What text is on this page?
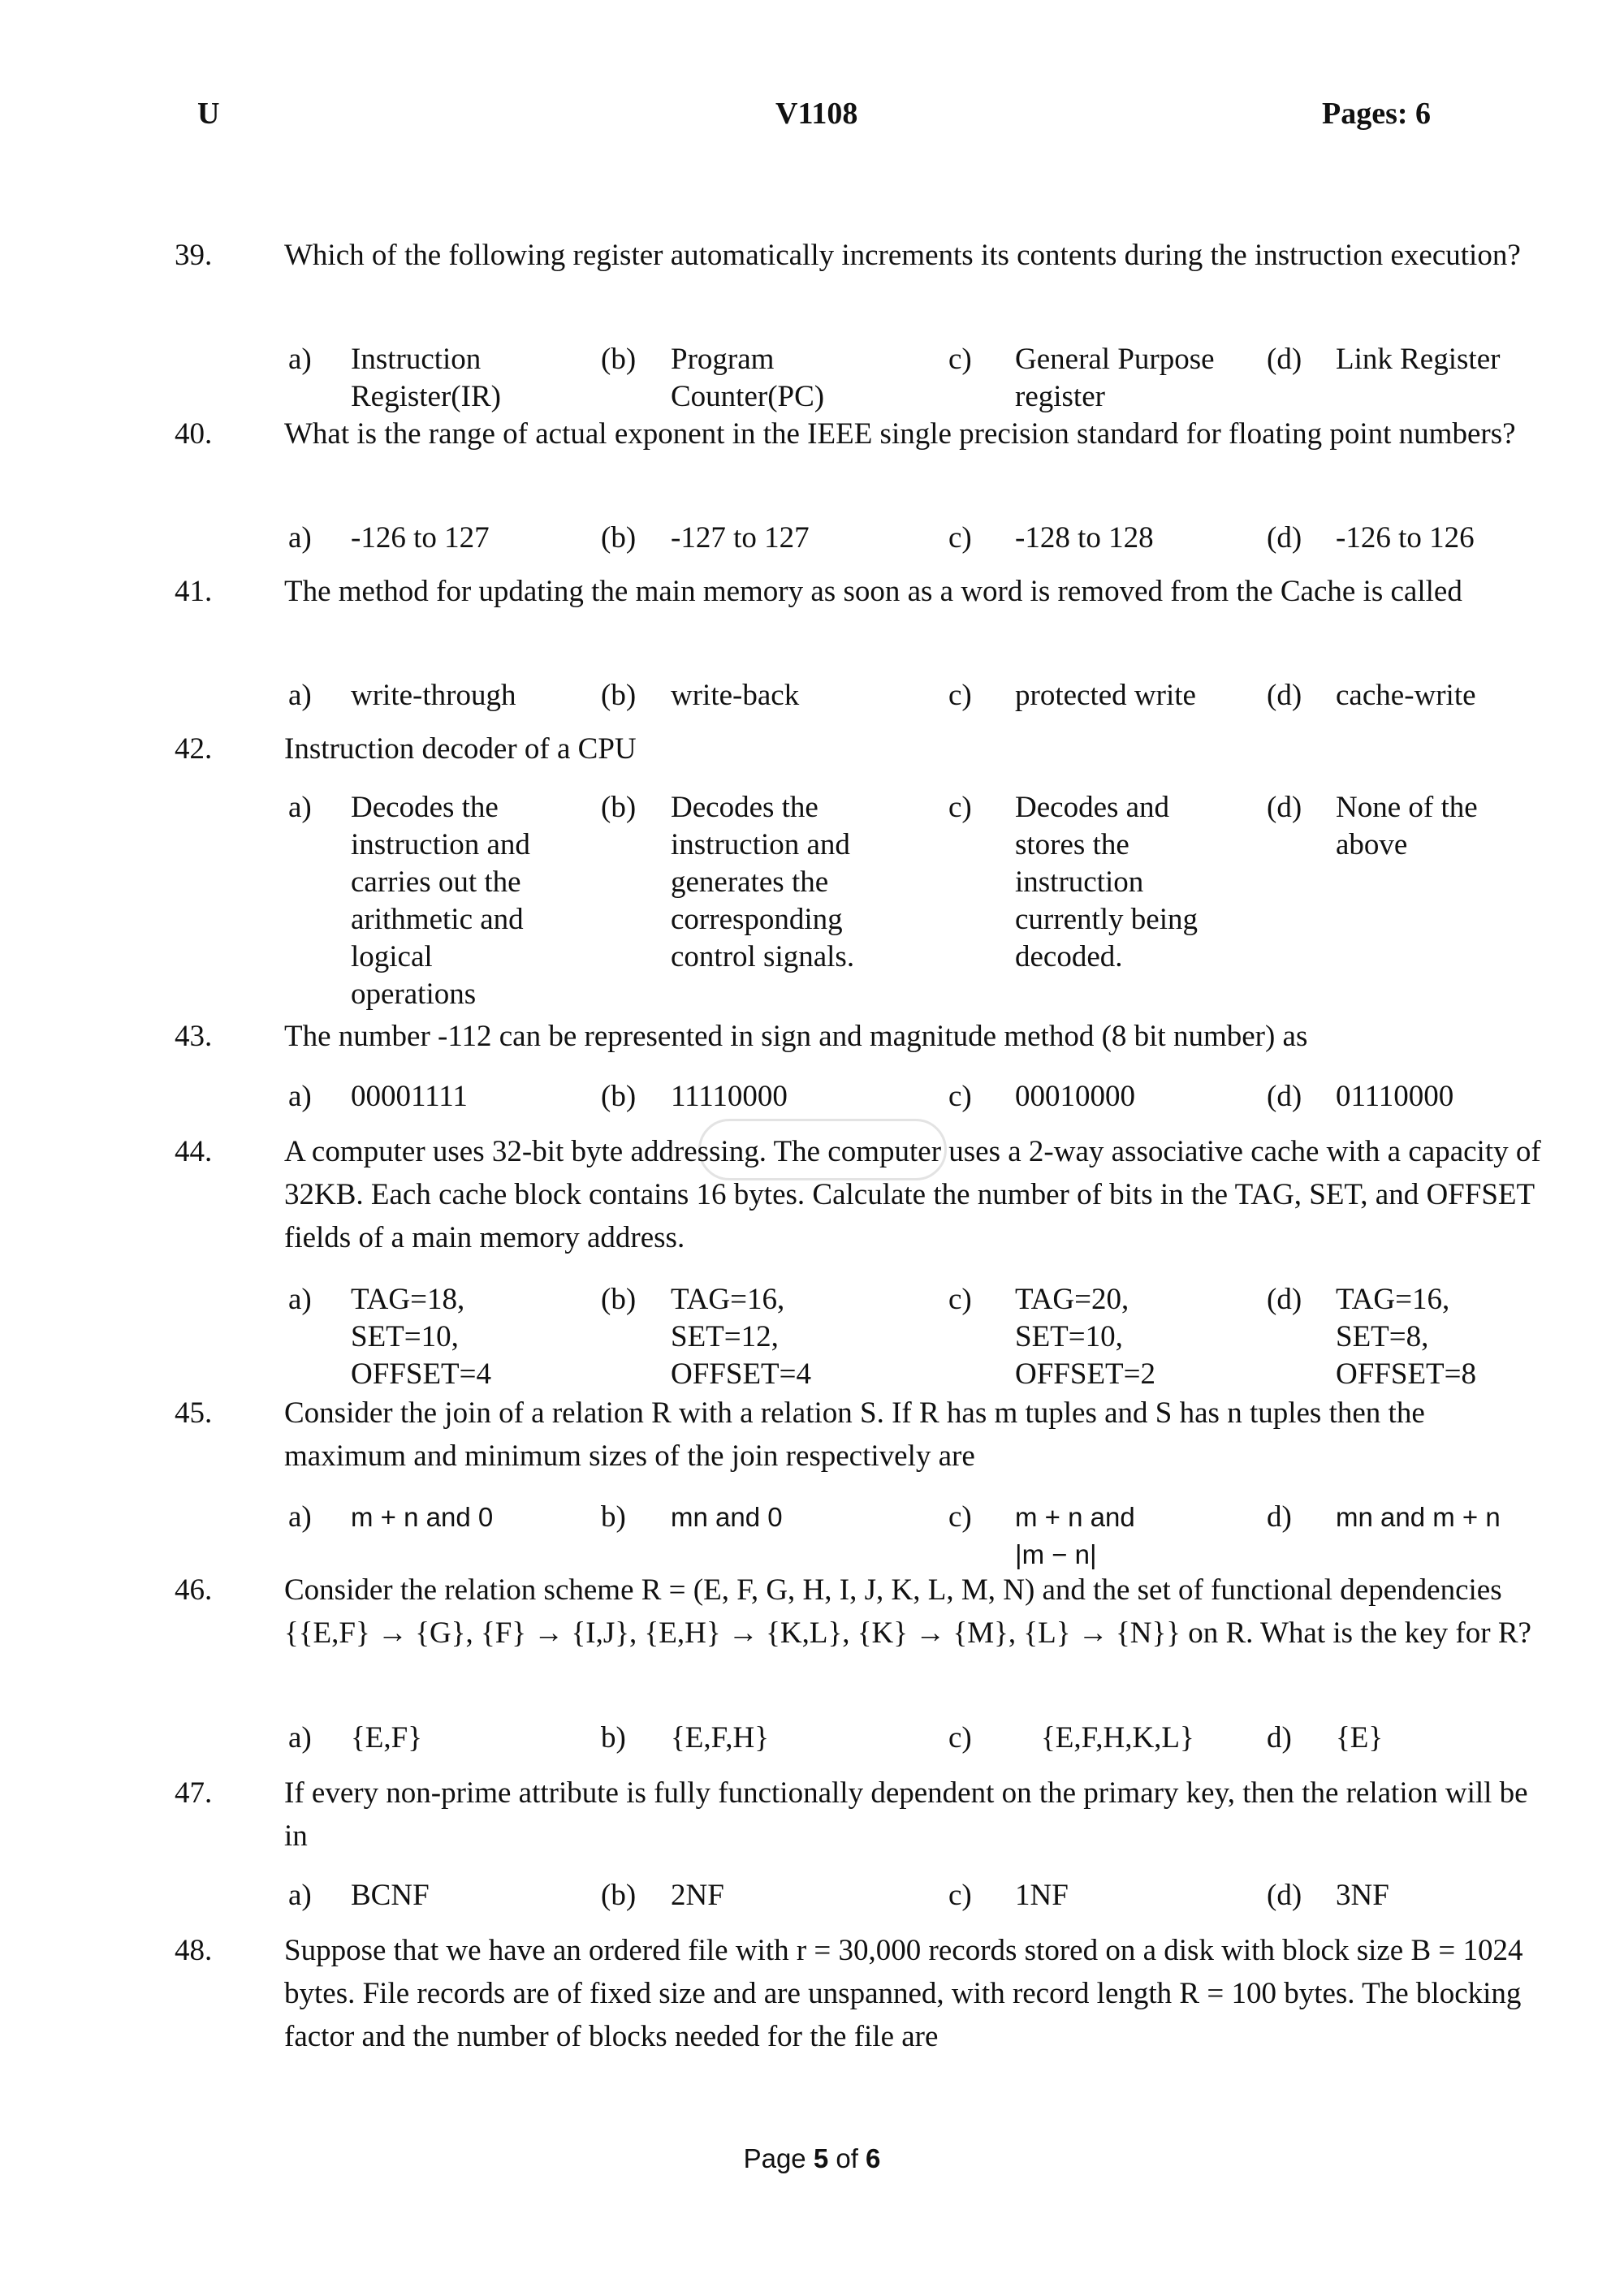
U	V1108	Pages: 6
39. Which of the following register automatically increments its contents during the instruction execution?
a) Instruction Register(IR)
(b) Program Counter(PC)
c) General Purpose register
(d) Link Register
40. What is the range of actual exponent in the IEEE single precision standard for floating point numbers?
a) -126 to 127	(b) -127 to 127	c) -128 to 128	(d) -126 to 126
41. The method for updating the main memory as soon as a word is removed from the Cache is called
a) write-through	(b) write-back	c) protected write (d) cache-write
42. Instruction decoder of a CPU
a) Decodes the instruction and carries out the arithmetic and logical operations
(b) Decodes the instruction and generates the corresponding control signals.
c) Decodes and stores the instruction currently being decoded.
(d) None of the above
43. The number -112 can be represented in sign and magnitude method (8 bit number) as
a) 00001111	(b) 11110000	c) 00010000	(d) 01110000
44. A computer uses 32-bit byte addressing. The computer uses a 2-way associative cache with a capacity of 32KB. Each cache block contains 16 bytes. Calculate the number of bits in the TAG, SET, and OFFSET fields of a main memory address.
a) TAG=18, SET=10, OFFSET=4
(b) TAG=16, SET=12, OFFSET=4
c) TAG=20, SET=10, OFFSET=2
(d) TAG=16, SET=8, OFFSET=8
45. Consider the join of a relation R with a relation S. If R has m tuples and S has n tuples then the maximum and minimum sizes of the join respectively are
a) m + n and 0	b) mn and 0	c) m + n and |m − n|
d) mn and m + n
46. Consider the relation scheme R = (E, F, G, H, I, J, K, L, M, N) and the set of functional dependencies {{E,F} → {G}, {F} → {I,J}, {E,H} → {K,L}, {K} → {M}, {L} → {N}} on R. What is the key for R?
a) {E,F}	b) {E,F,H}	c) {E,F,H,K,L} d) {E}
47. If every non-prime attribute is fully functionally dependent on the primary key, then the relation will be in
a) BCNF	(b) 2NF	c) 1NF	(d) 3NF
48. Suppose that we have an ordered file with r = 30,000 records stored on a disk with block size B = 1024 bytes. File records are of fixed size and are unspanned, with record length R = 100 bytes. The blocking factor and the number of blocks needed for the file are
Page 5 of 6
